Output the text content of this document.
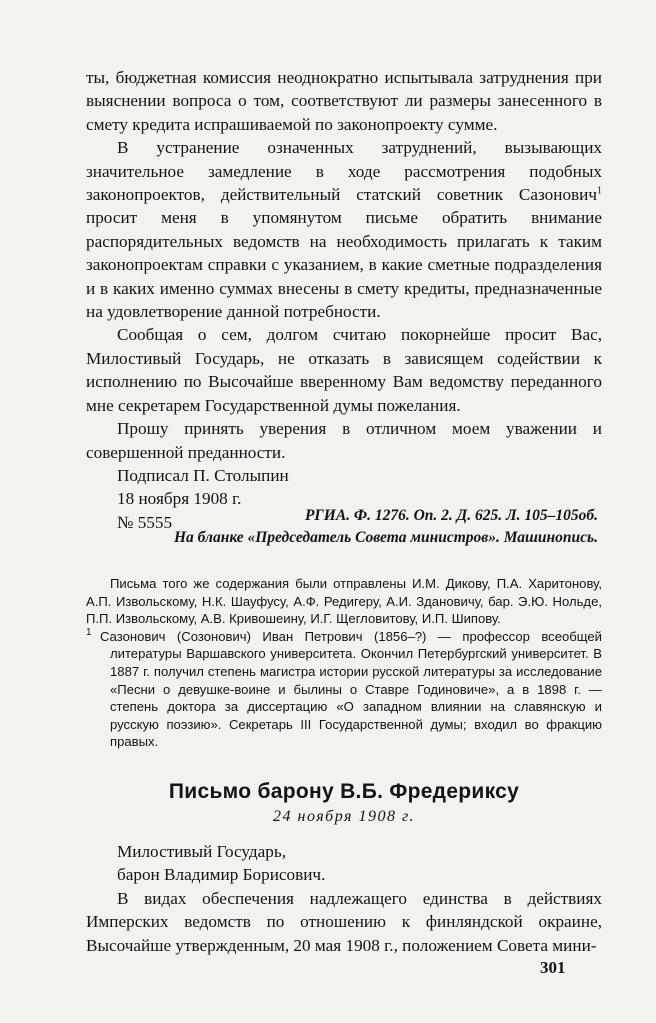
ты, бюджетная комиссия неоднократно испытывала затруднения при выяснении вопроса о том, соответствуют ли размеры занесенного в смету кредита испрашиваемой по законопроекту сумме.

В устранение означенных затруднений, вызывающих значительное замедление в ходе рассмотрения подобных законопроектов, действительный статский советник Сазонович$^1$ просит меня в упомянутом письме обратить внимание распорядительных ведомств на необходимость прилагать к таким законопроектам справки с указанием, в какие сметные подразделения и в каких именно суммах внесены в смету кредиты, предназначенные на удовлетворение данной потребности.

Сообщая о сем, долгом считаю покорнейше просит Вас, Милостивый Государь, не отказать в зависящем содействии к исполнению по Высочайше вверенному Вам ведомству переданного мне секретарем Государственной думы пожелания.

Прошу принять уверения в отличном моем уважении и совершенной преданности.

Подписал П. Столыпин

18 ноября 1908 г.

№ 5555	РГИА. Ф. 1276. Оп. 2. Д. 625. Л. 105–105об.
На бланке «Председатель Совета министров». Машинопись.

Письма того же содержания были отправлены И.М. Дикову, П.А. Харитонову, А.П. Извольскому, Н.К. Шауфусу, А.Ф. Редигеру, А.И. Здановичу, бар. Э.Ю. Нольде, П.П. Извольскому, А.В. Кривошеину, И.Г. Щегловитову, И.П. Шипову.

$^1$ Сазонович (Созонович) Иван Петрович (1856–?) — профессор всеобщей литературы Варшавского университета. Окончил Петербургский университет. В 1887 г. получил степень магистра истории русской литературы за исследование «Песни о девушке-воине и былины о Ставре Годиновиче», а в 1898 г. — степень доктора за диссертацию «О западном влиянии на славянскую и русскую поэзию». Секретарь III Государственной думы; входил во фракцию правых.

Письмо барону В.Б. Фредериксу
24 ноября 1908 г.

Милостивый Государь,

барон Владимир Борисович.

В видах обеспечения надлежащего единства в действиях Имперских ведомств по отношению к финляндской окраине, Высочайше утвержденным, 20 мая 1908 г., положением Совета мини-

301
